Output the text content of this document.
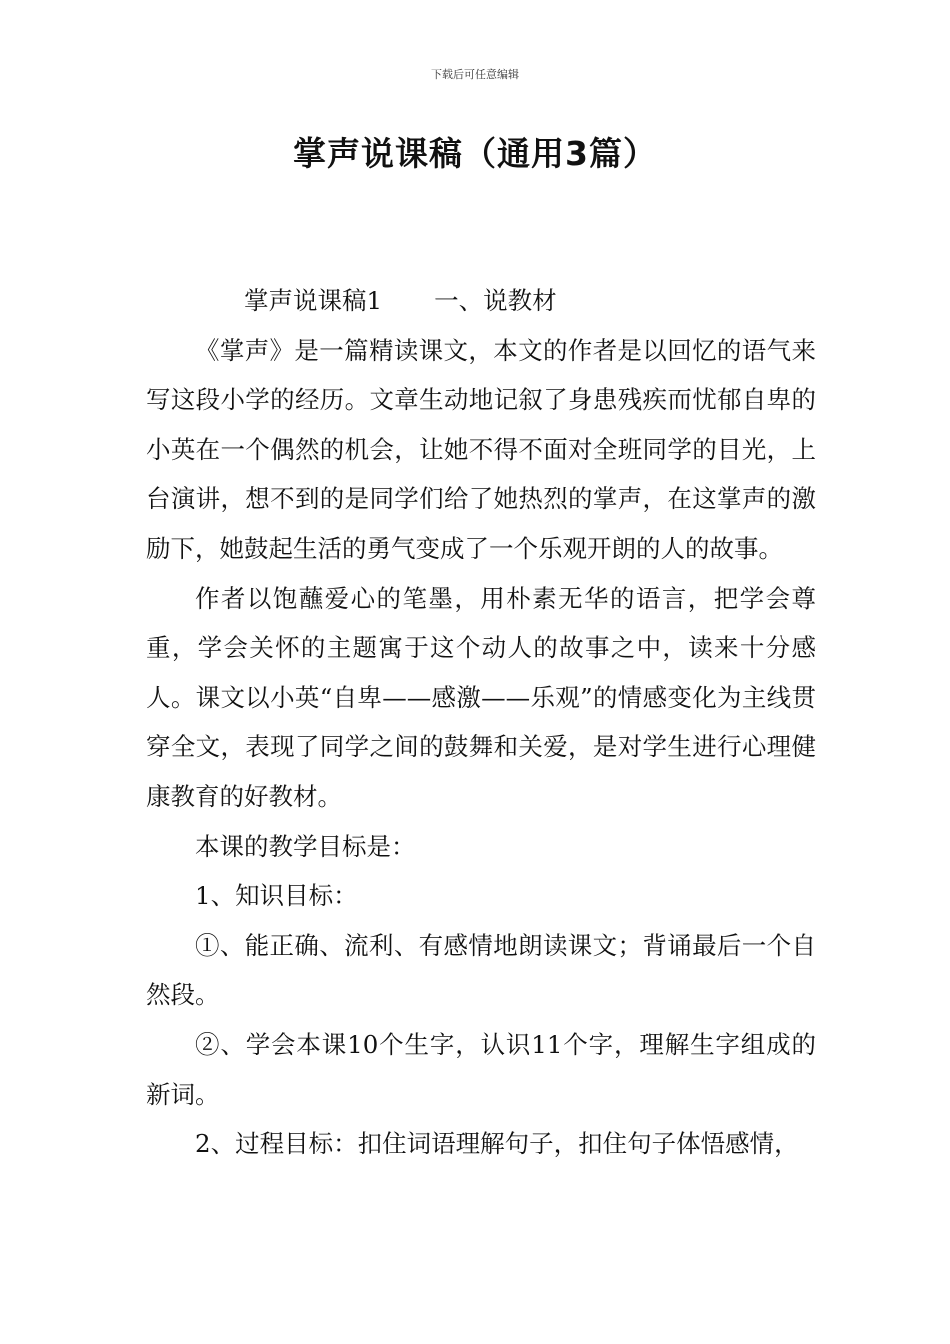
下载后可任意编辑
掌声说课稿（通用3篇）

掌声说课稿1 一、说教材

《掌声》是一篇精读课文，本文的作者是以回忆的语气来写这段小学的经历。文章生动地记叙了身患残疾而忧郁自卑的小英在一个偶然的机会，让她不得不面对全班同学的目光，上台演讲，想不到的是同学们给了她热烈的掌声，在这掌声的激励下，她鼓起生活的勇气变成了一个乐观开朗的人的故事。

作者以饱蘸爱心的笔墨，用朴素无华的语言，把学会尊重，学会关怀的主题寓于这个动人的故事之中，读来十分感人。课文以小英“自卑——感激——乐观”的情感变化为主线贯穿全文，表现了同学之间的鼓舞和关爱，是对学生进行心理健康教育的好教材。

本课的教学目标是：

1、知识目标：

①、能正确、流利、有感情地朗读课文；背诵最后一个自然段。

②、学会本课10个生字，认识11个字，理解生字组成的新词。

2、过程目标：扣住词语理解句子，扣住句子体悟感情，
